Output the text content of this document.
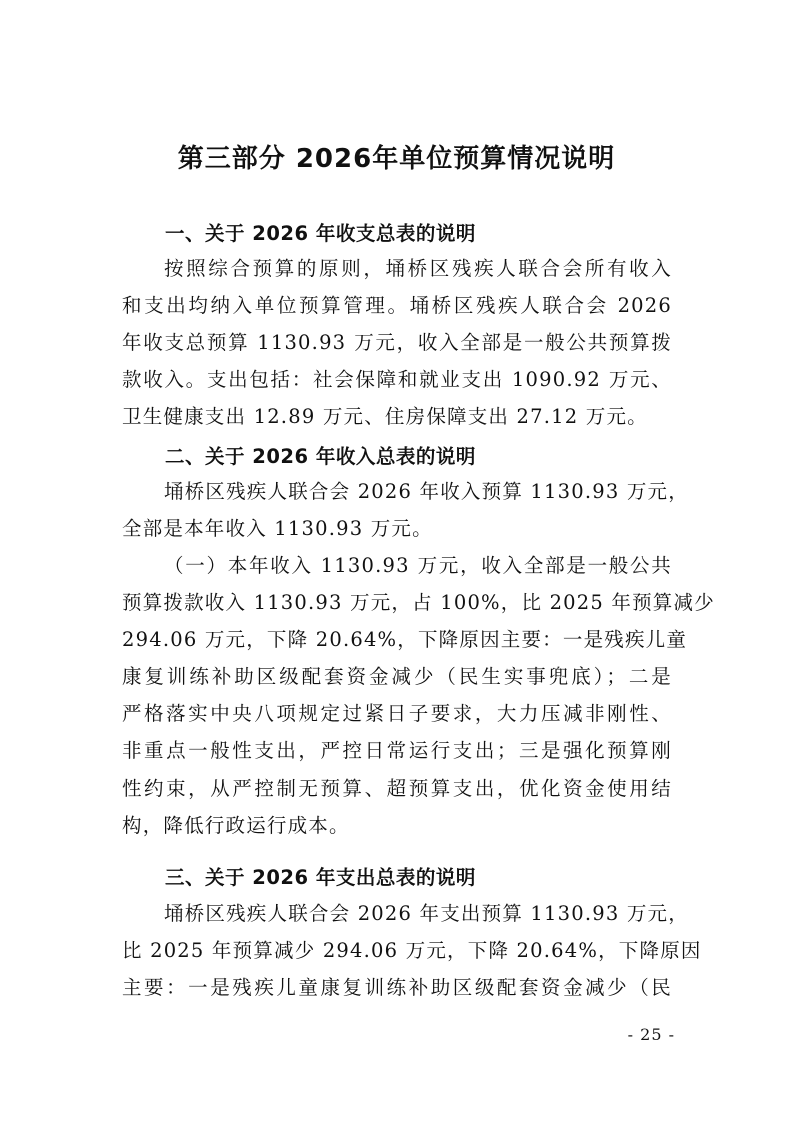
第三部分 2026年单位预算情况说明
一、关于 2026 年收支总表的说明
按照综合预算的原则，埇桥区残疾人联合会所有收入
和支出均纳入单位预算管理。埇桥区残疾人联合会 2026
年收支总预算 1130.93 万元，收入全部是一般公共预算拨
款收入。支出包括：社会保障和就业支出 1090.92 万元、
卫生健康支出 12.89 万元、住房保障支出 27.12 万元。
二、关于 2026 年收入总表的说明
埇桥区残疾人联合会 2026 年收入预算 1130.93 万元，
全部是本年收入 1130.93 万元。
（一）本年收入 1130.93 万元，收入全部是一般公共
预算拨款收入 1130.93 万元，占 100%，比 2025 年预算减少
294.06 万元，下降 20.64%，下降原因主要：一是残疾儿童
康复训练补助区级配套资金减少（民生实事兜底）；二是
严格落实中央八项规定过紧日子要求，大力压减非刚性、
非重点一般性支出，严控日常运行支出；三是强化预算刚
性约束，从严控制无预算、超预算支出，优化资金使用结
构，降低行政运行成本。
三、关于 2026 年支出总表的说明
埇桥区残疾人联合会 2026 年支出预算 1130.93 万元，
比 2025 年预算减少 294.06 万元，下降 20.64%，下降原因
主要：一是残疾儿童康复训练补助区级配套资金减少（民
- 25 -
